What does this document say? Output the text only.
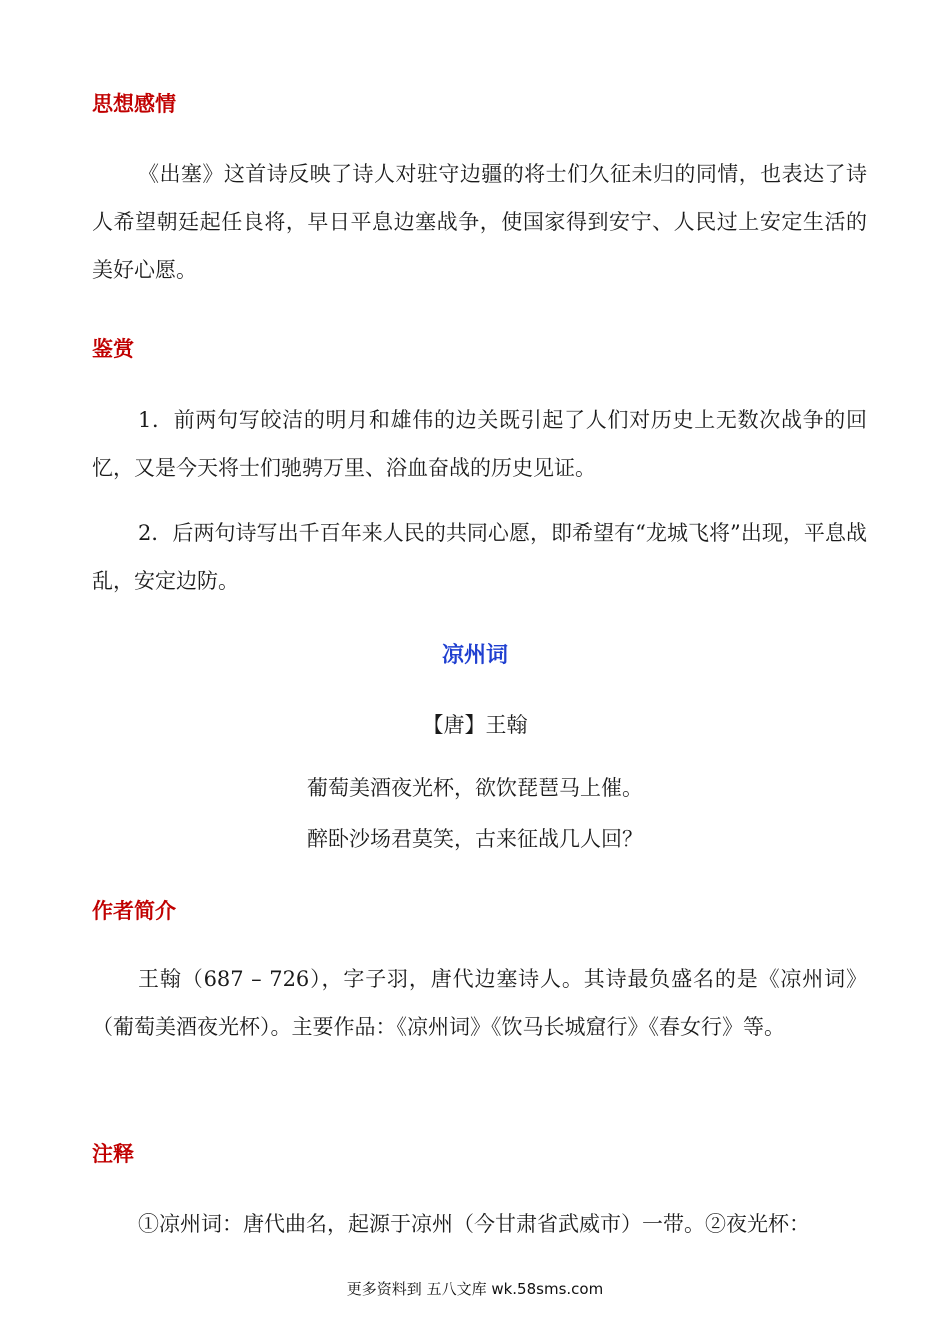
思想感情

《出塞》这首诗反映了诗人对驻守边疆的将士们久征未归的同情，也表达了诗人希望朝廷起任良将，早日平息边塞战争，使国家得到安宁、人民过上安定生活的美好心愿。

鉴赏

1．前两句写皎洁的明月和雄伟的边关既引起了人们对历史上无数次战争的回忆，又是今天将士们驰骋万里、浴血奋战的历史见证。

2．后两句诗写出千百年来人民的共同心愿，即希望有“龙城飞将”出现，平息战乱，安定边防。

凉州词

【唐】王翰

葡萄美酒夜光杯，欲饮琵琶马上催。

醉卧沙场君莫笑，古来征战几人回？

作者简介

王翰（687 – 726），字子羽，唐代边塞诗人。其诗最负盛名的是《凉州词》（葡萄美酒夜光杯）。主要作品：《凉州词》《饮马长城窟行》《春女行》等。

注释

①凉州词：唐代曲名，起源于凉州（今甘肃省武威市）一带。②夜光杯：

更多资料到 五八文库 wk.58sms.com
